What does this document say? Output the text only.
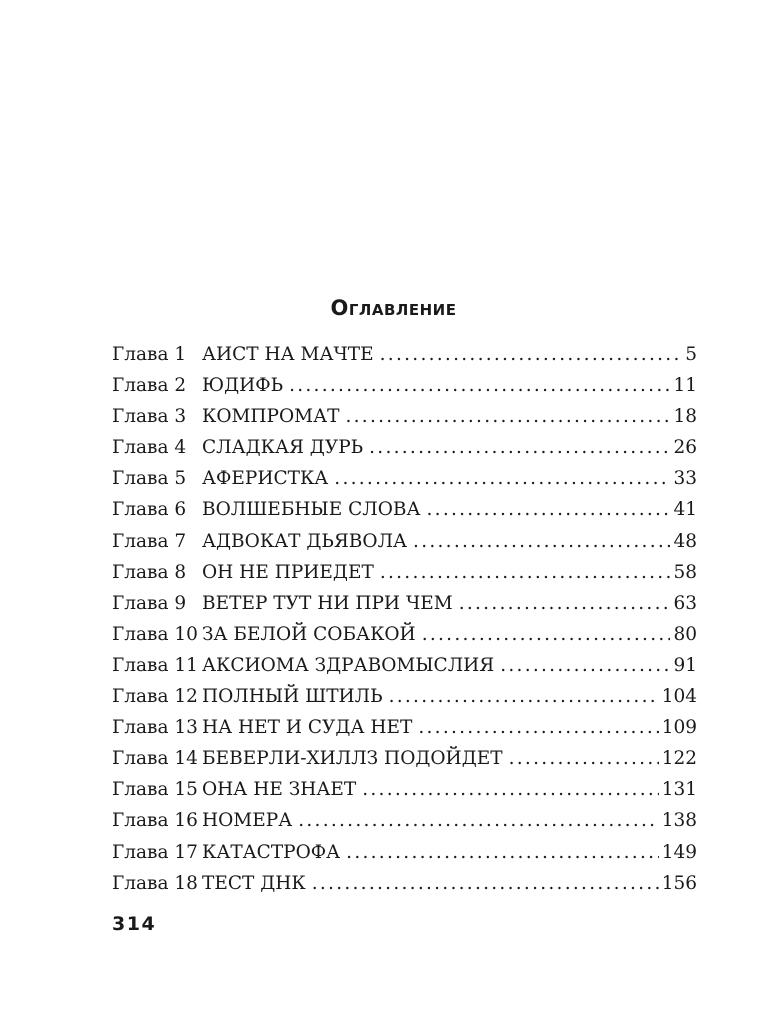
Оглавление
Глава 1 АИСТ НА МАЧТЕ . . .	5
Глава 2 ЮДИФЬ . . .	11
Глава 3 КОМПРОМАТ . . .	18
Глава 4 СЛАДКАЯ ДУРЬ . . .	26
Глава 5 АФЕРИСТКА . . .	33
Глава 6 ВОЛШЕБНЫЕ СЛОВА . . .	41
Глава 7 АДВОКАТ ДЬЯВОЛА . . .	48
Глава 8 ОН НЕ ПРИЕДЕТ . . .	58
Глава 9 ВЕТЕР ТУТ НИ ПРИ ЧЕМ . . .	63
Глава 10 ЗА БЕЛОЙ СОБАКОЙ . . .	80
Глава 11 АКСИОМА ЗДРАВОМЫСЛИЯ . . .	91
Глава 12 ПОЛНЫЙ ШТИЛЬ . . .	104
Глава 13 НА НЕТ И СУДА НЕТ . . .	109
Глава 14 БЕВЕРЛИ-ХИЛЛЗ ПОДОЙДЕТ . . .	122
Глава 15 ОНА НЕ ЗНАЕТ . . .	131
Глава 16 НОМЕРА . . .	138
Глава 17 КАТАСТРОФА . . .	149
Глава 18 ТЕСТ ДНК . . .	156
314
